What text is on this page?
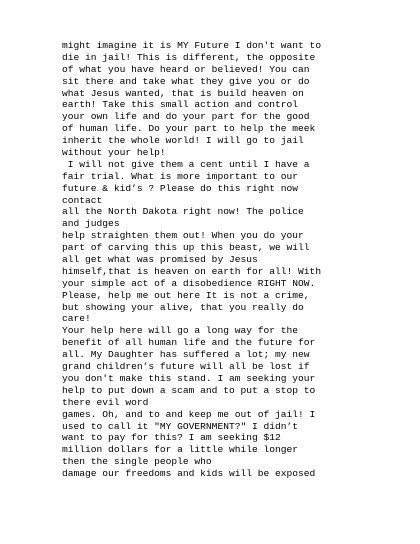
might imagine it is MY Future I don't want to
die in jail! This is different, the opposite
of what you have heard or believed! You can
sit there and take what they give you or do
what Jesus wanted, that is build heaven on
earth! Take this small action and control
your own life and do your part for the good
of human life. Do your part to help the meek
inherit the whole world! I will go to jail
without your help!
I will not give them a cent until I have a
fair trial. What is more important to our
future & kid’s ? Please do this right now
contact
all the North Dakota right now! The police
and judges
help straighten them out! When you do your
part of carving this up this beast, we will
all get what was promised by Jesus
himself,that is heaven on earth for all! With
your simple act of a disobedience RIGHT NOW.
Please, help me out here It is not a crime,
but showing your alive, that you really do
care!
Your help here will go a long way for the
benefit of all human life and the future for
all. My Daughter has suffered a lot; my new
grand children’s future will all be lost if
you don't make this stand. I am seeking your
help to put down a scam and to put a stop to
there evil word
games. Oh, and to and keep me out of jail! I
used to call it "MY GOVERNMENT?" I didn’t
want to pay for this? I am seeking $12
million dollars for a little while longer
then the single people who
damage our freedoms and kids will be exposed
